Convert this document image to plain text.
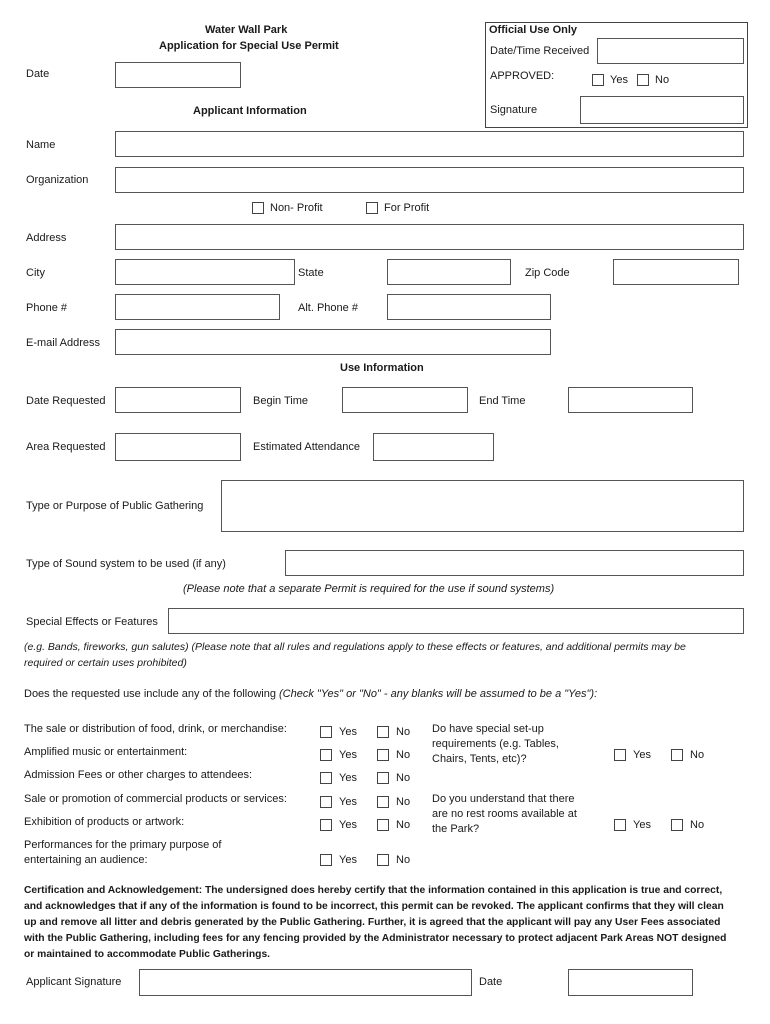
Water Wall Park
Application for Special Use Permit
Date
Applicant Information
Official Use Only
Date/Time Received
APPROVED:	Yes No
Signature
Name
Organization
Non- Profit	For Profit
Address
City	State	Zip Code
Phone #	Alt. Phone #
E-mail Address
Use Information
Date Requested	Begin Time	End Time
Area Requested	Estimated Attendance
Type or Purpose of Public Gathering
Type of Sound system to be used (if any)
(Please note that a separate Permit is required for the use if sound systems)
Special Effects or Features
(e.g. Bands, fireworks, gun salutes) (Please note that all rules and regulations apply to these effects or features, and additional permits may be
required or certain uses prohibited)
Does the requested use include any of the following (Check "Yes" or "No" - any blanks will be assumed to be a "Yes"):
The sale or distribution of food, drink, or merchandise:	Yes	No
Amplified music or entertainment:	Yes	No
Admission Fees or other charges to attendees:	Yes	No
Sale or promotion of commercial products or services:	Yes	No
Exhibition of products or artwork:	Yes	No
Performances for the primary purpose of
entertaining an audience:	Yes	No
Do have special set-up
requirements (e.g. Tables,
Chairs, Tents, etc)?	Yes	No
Do you understand that there
are no rest rooms available at
the Park?	Yes	No
Certification and Acknowledgement: The undersigned does hereby certify that the information contained in this application is true and correct, and acknowledges that if any of the information is found to be incorrect, this permit can be revoked. The applicant confirms that they will clean up and remove all litter and debris generated by the Public Gathering. Further, it is agreed that the applicant will pay any User Fees associated with the Public Gathering, including fees for any fencing provided by the Administrator necessary to protect adjacent Park Areas NOT designed or maintained to accommodate Public Gatherings.
Applicant Signature	Date
